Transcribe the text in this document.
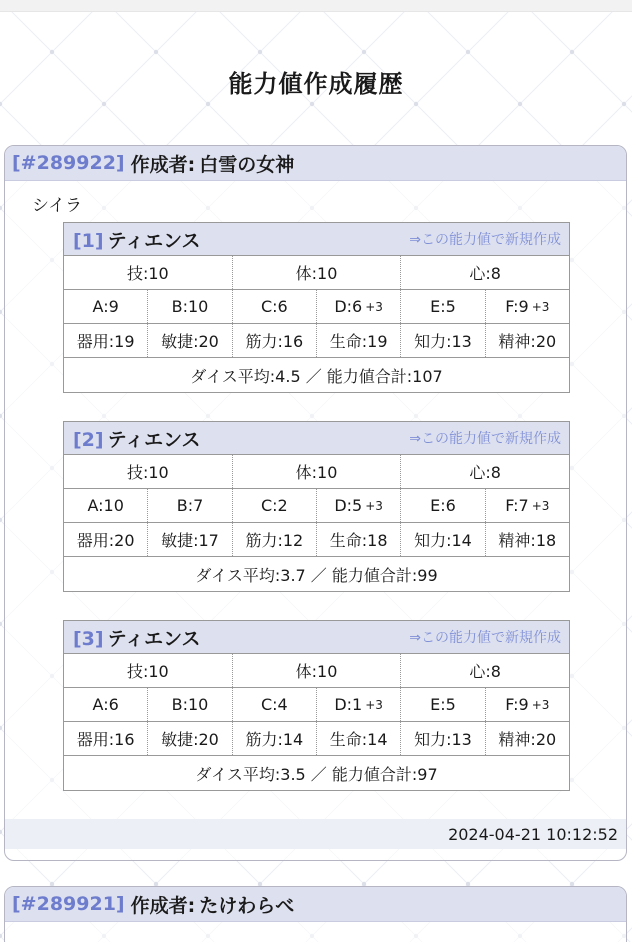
能力値作成履歴
[#289922] 作成者: 白雪の女神
シイラ
[1] ティエンス	⇒この能力値で新規作成
技:10	体:10	心:8
A:9	B:10	C:6	D:6 +3	E:5	F:9 +3
器用:19	敏捷:20	筋力:16	生命:19	知力:13	精神:20
ダイス平均:4.5 ／ 能力値合計:107
[2] ティエンス	⇒この能力値で新規作成
技:10	体:10	心:8
A:10	B:7	C:2	D:5 +3	E:6	F:7 +3
器用:20	敏捷:17	筋力:12	生命:18	知力:14	精神:18
ダイス平均:3.7 ／ 能力値合計:99
[3] ティエンス	⇒この能力値で新規作成
技:10	体:10	心:8
A:6	B:10	C:4	D:1 +3	E:5	F:9 +3
器用:16	敏捷:20	筋力:14	生命:14	知力:13	精神:20
ダイス平均:3.5 ／ 能力値合計:97
2024-04-21 10:12:52
[#289921] 作成者: たけわらべ
